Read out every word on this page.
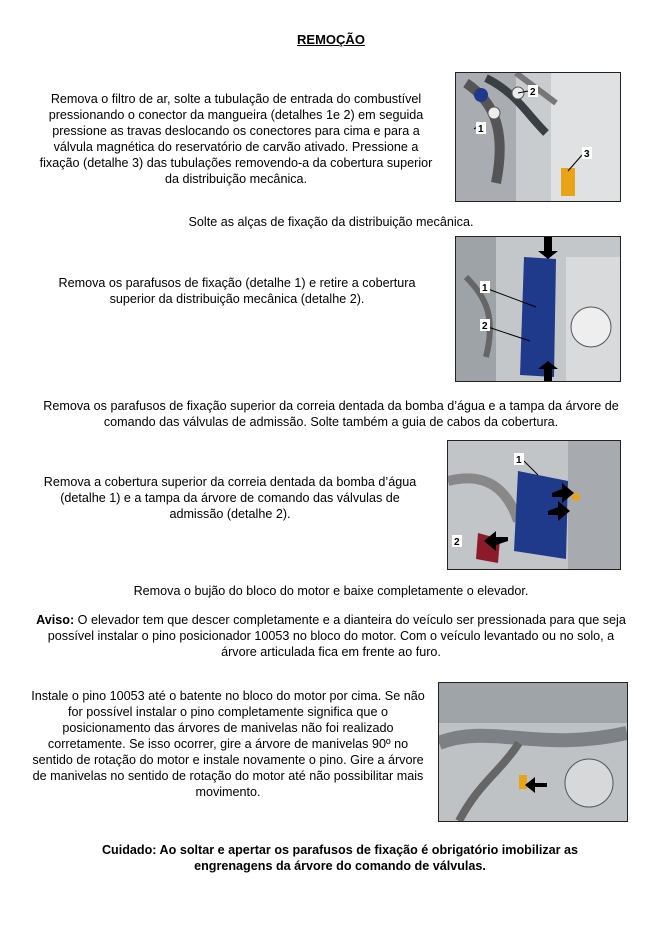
REMOÇÃO
Remova o filtro de ar, solte a tubulação de entrada do combustível pressionando o conector da mangueira (detalhes 1e 2) em seguida pressione as travas deslocando os conectores para cima e para a válvula magnética do reservatório de carvão ativado. Pressione a fixação (detalhe 3) das tubulações removendo-a da cobertura superior da distribuição mecânica.
1
2
3
Solte as alças de fixação da distribuição mecânica.
Remova os parafusos de fixação (detalhe 1) e retire a cobertura superior da distribuição mecânica (detalhe 2).
1
2
Remova os parafusos de fixação superior da correia dentada da bomba d’água e a tampa da árvore de comando das válvulas de admissão. Solte também a guia de cabos da cobertura.
Remova a cobertura superior da correia dentada da bomba d’água (detalhe 1) e a tampa da árvore de comando das válvulas de admissão (detalhe 2).
1
2
Remova o bujão do bloco do motor e baixe completamente o elevador.
Aviso: O elevador tem que descer completamente e a dianteira do veículo ser pressionada para que seja possível instalar o pino posicionador 10053 no bloco do motor. Com o veículo levantado ou no solo, a árvore articulada fica em frente ao furo.
Instale o pino 10053 até o batente no bloco do motor por cima. Se não for possível instalar o pino completamente significa que o posicionamento das árvores de manivelas não foi realizado corretamente. Se isso ocorrer, gire a árvore de manivelas 90º no sentido de rotação do motor e instale novamente o pino. Gire a árvore de manivelas no sentido de rotação do motor até não possibilitar mais movimento.
Cuidado: Ao soltar e apertar os parafusos de fixação é obrigatório imobilizar as engrenagens da árvore do comando de válvulas.
